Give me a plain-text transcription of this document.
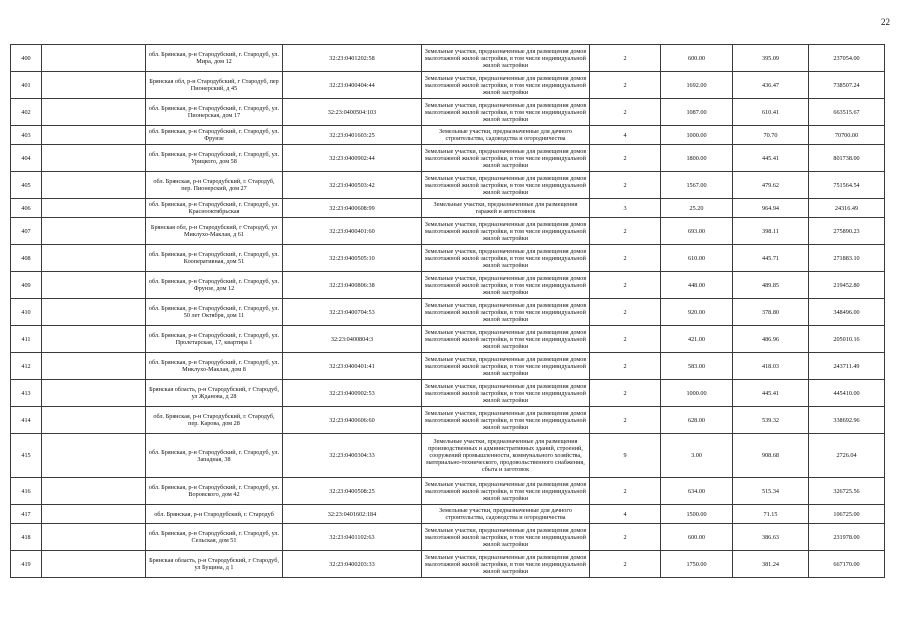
22
400		обл. Брянская, р-н Стародубский, г. Стародуб, ул. Мира, дом 12	32:23:0401202:58	Земельные участки, предназначенные для размещения домов малоэтажной жилой застройки, в том числе индивидуальной жилой застройки	2	600.00	395.09	237054.00
401		Брянская обл, р-н Стародубский, г Стародуб, пер Пионерский, д 45	32:23:0400404:44	Земельные участки, предназначенные для размещения домов малоэтажной жилой застройки, в том числе индивидуальной жилой застройки	2	1692.00	436.47	738507.24
402		обл. Брянская, р-н Стародубский, г. Стародуб, ул. Пионерская, дом 17	32:23:0400504:103	Земельные участки, предназначенные для размещения домов малоэтажной жилой застройки, в том числе индивидуальной жилой застройки	2	1087.00	610.41	663515.67
403		обл. Брянская, р-н Стародубский, г. Стародуб, ул. Фрунзе	32:23:0401603:25	Земельные участки, предназначенные для дачного строительства, садоводства и огородничества	4	1000.00	70.70	70700.00
404		обл. Брянская, р-н Стародубский, г. Стародуб, ул. Урицкого, дом 58	32:23:0400902:44	Земельные участки, предназначенные для размещения домов малоэтажной жилой застройки, в том числе индивидуальной жилой застройки	2	1800.00	445.41	801738.00
405		обл. Брянская, р-н Стародубский, г. Стародуб, пер. Пионерский, дом 27	32:23:0400503:42	Земельные участки, предназначенные для размещения домов малоэтажной жилой застройки, в том числе индивидуальной жилой застройки	2	1567.00	479.62	751564.54
406		обл. Брянская, р-н Стародубский, г. Стародуб, ул. Краснооктябрьская	32:23:0400608:99	Земельные участки, предназначенные для размещения гаражей и автостоянок	3	25.20	964.94	24316.49
407		Брянская обл, р-н Стародубский, г Стародуб, ул Миклухо-Маклая, д 61	32:23:0400401:60	Земельные участки, предназначенные для размещения домов малоэтажной жилой застройки, в том числе индивидуальной жилой застройки	2	693.00	398.11	275890.23
408		обл. Брянская, р-н Стародубский, г. Стародуб, ул. Кооперативная, дом 51	32:23:0400505:10	Земельные участки, предназначенные для размещения домов малоэтажной жилой застройки, в том числе индивидуальной жилой застройки	2	610.00	445.71	271883.10
409		обл. Брянская, р-н Стародубский, г. Стародуб, ул. Фрунзе, дом 12	32:23:0400806:38	Земельные участки, предназначенные для размещения домов малоэтажной жилой застройки, в том числе индивидуальной жилой застройки	2	448.00	489.85	219452.80
410		обл. Брянская, р-н Стародубский, г. Стародуб, ул. 50 лет Октября, дом 11	32:23:0400704:53	Земельные участки, предназначенные для размещения домов малоэтажной жилой застройки, в том числе индивидуальной жилой застройки	2	920.00	378.80	348496.00
411		обл. Брянская, р-н Стародубский, г. Стародуб, ул. Пролетарская, 17, квартира 1	32:23:0400804:3	Земельные участки, предназначенные для размещения домов малоэтажной жилой застройки, в том числе индивидуальной жилой застройки	2	421.00	486.96	205010.16
412		обл. Брянская, р-н Стародубский, г. Стародуб, ул. Миклухо-Маклая, дом 8	32:23:0400401:41	Земельные участки, предназначенные для размещения домов малоэтажной жилой застройки, в том числе индивидуальной жилой застройки	2	583.00	418.03	243711.49
413		Брянская область, р-н Стародубский, г Стародуб, ул Жданова, д 28	32:23:0400902:53	Земельные участки, предназначенные для размещения домов малоэтажной жилой застройки, в том числе индивидуальной жилой застройки	2	1000.00	445.41	445410.00
414		обл. Брянская, р-н Стародубский, г. Стародуб, пер. Карова, дом 28	32:23:0400606:60	Земельные участки, предназначенные для размещения домов малоэтажной жилой застройки, в том числе индивидуальной жилой застройки	2	628.00	539.32	338692.96
415		обл. Брянская, р-н Стародубский, г. Стародуб, ул. Западная, 38	32:23:0400304:33	Земельные участки, предназначенные для размещения производственных и административных зданий, строений, сооружений промышленности, коммунального хозяйства, материально-технического, продовольственного снабжения, сбыта и заготовок	9	3.00	908.68	2726.04
416		обл. Брянская, р-н Стародубский, г. Стародуб, ул. Воровского, дом 42	32:23:0400508:25	Земельные участки, предназначенные для размещения домов малоэтажной жилой застройки, в том числе индивидуальной жилой застройки	2	634.00	515.34	326725.56
417		обл. Брянская, р-н Стародубский, г. Стародуб	32:23:0401602:184	Земельные участки, предназначенные для дачного строительства, садоводства и огородничества	4	1500.00	71.15	106725.00
418		обл. Брянская, р-н Стародубский, г. Стародуб, ул. Сельская, дом 51	32:23:0401102:63	Земельные участки, предназначенные для размещения домов малоэтажной жилой застройки, в том числе индивидуальной жилой застройки	2	600.00	386.63	231978.00
419		Брянская область, р-н Стародубский, г Стародуб, ул Бущина, д 1	32:23:0400203:33	Земельные участки, предназначенные для размещения домов малоэтажной жилой застройки, в том числе индивидуальной жилой застройки	2	1750.00	381.24	667170.00
